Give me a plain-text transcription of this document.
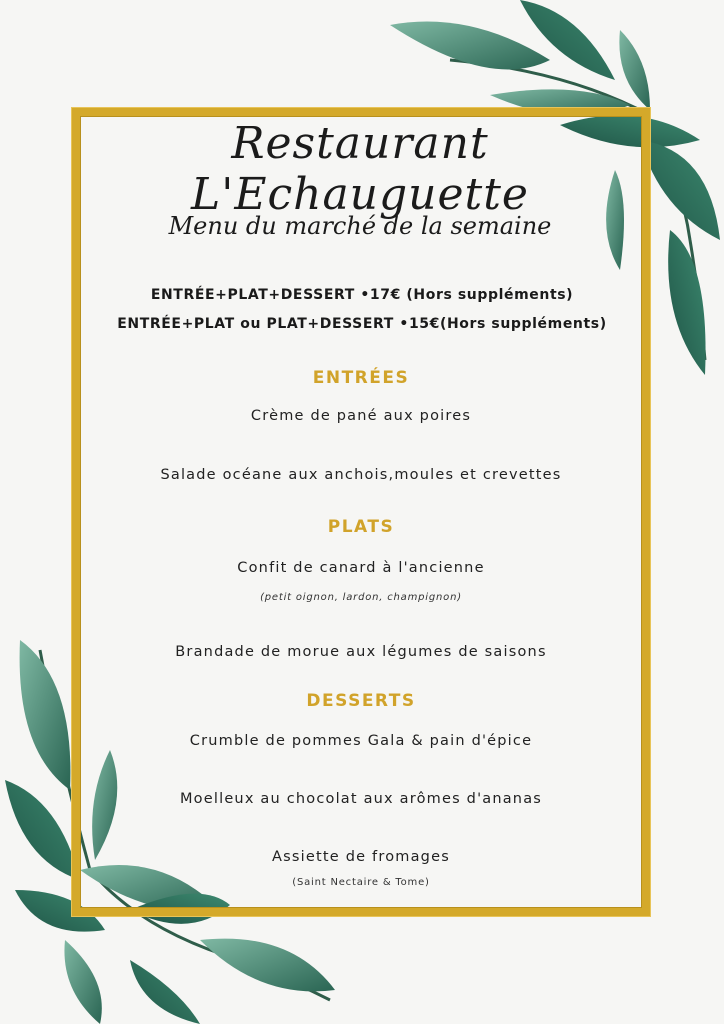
Restaurant L'Echauguette
Menu du marché de la semaine
ENTRÉE+PLAT+DESSERT •17€ (Hors suppléments)
ENTRÉE+PLAT ou PLAT+DESSERT •15€(Hors suppléments)
ENTRÉES
Crème de pané aux poires
Salade océane aux anchois,moules et crevettes
PLATS
Confit de canard à l'ancienne
(petit oignon, lardon, champignon)
Brandade de morue aux légumes de saisons
DESSERTS
Crumble de pommes Gala & pain d'épice
Moelleux au chocolat aux arômes d'ananas
Assiette de fromages
(Saint Nectaire & Tome)
